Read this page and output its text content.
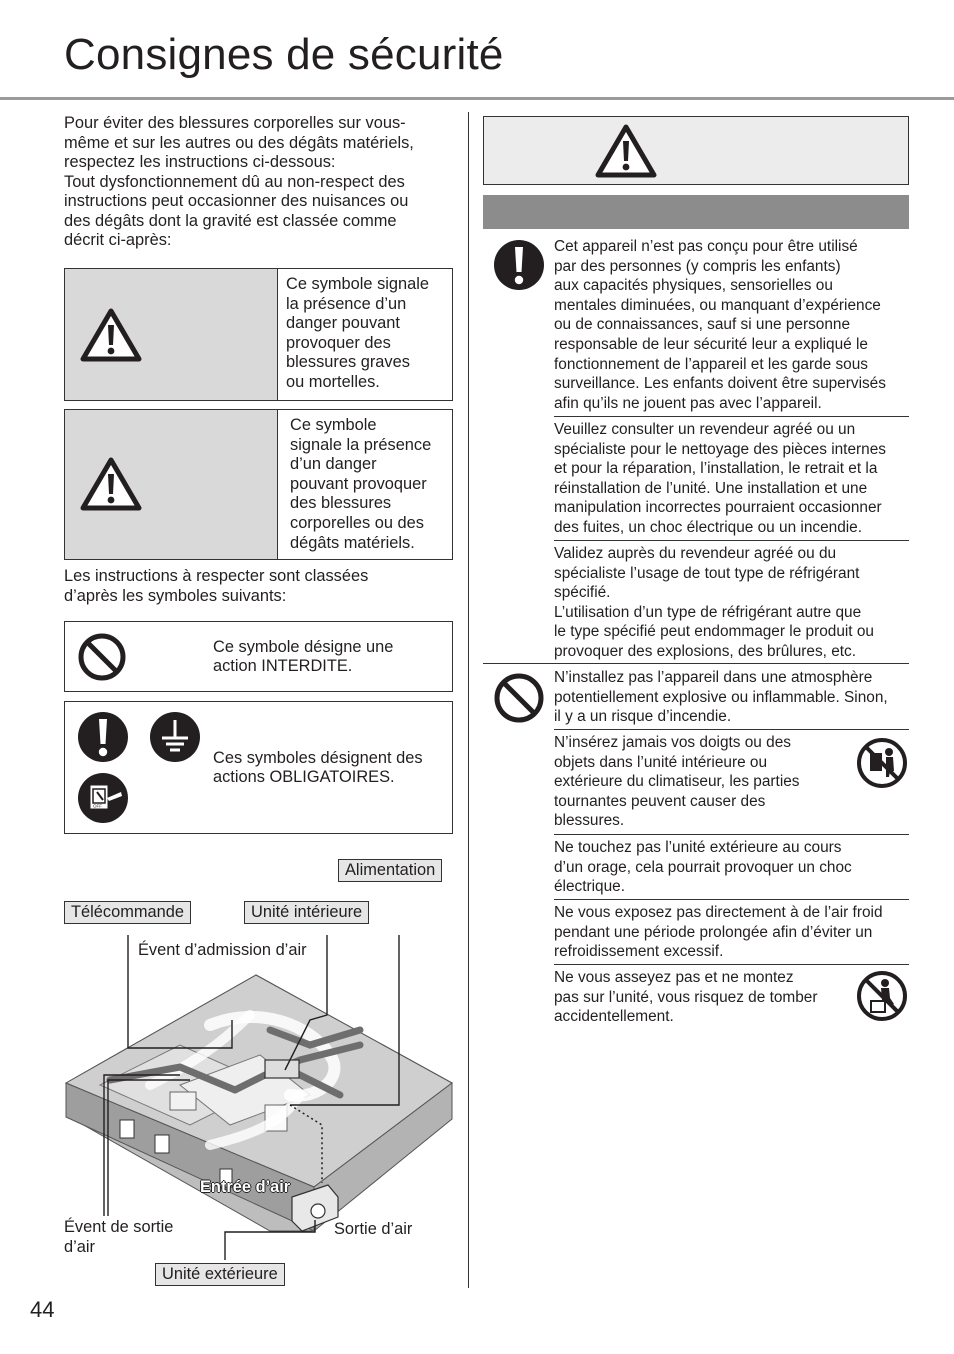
Consignes de sécurité

Pour éviter des blessures corporelles sur vous-

même et sur les autres ou des dégâts matériels,

respectez les instructions ci-dessous:

Tout dysfonctionnement dû au non-respect des

instructions peut occasionner des nuisances ou

des dégâts dont la gravité est classée comme

décrit ci-après:

Ce symbole signale

la présence d’un

danger pouvant

provoquer des

blessures graves

ou mortelles.

Ce symbole

signale la présence

d’un danger

pouvant provoquer

des blessures

corporelles ou des

dégâts matériels.

Les instructions à respecter sont classées

d’après les symboles suivants:

Ce symbole désigne une

action INTERDITE.

OFF

Ces symboles désignent des

actions OBLIGATOIRES.

Alimentation
Télécommande	Unité intérieure
Évent d’admission d’air
Entrée d’air
Évent de sortie
d’air
Sortie d’air
Unité extérieure

Cet appareil n’est pas conçu pour être utilisé

par des personnes (y compris les enfants)

aux capacités physiques, sensorielles ou

mentales diminuées, ou manquant d’expérience

ou de connaissances, sauf si une personne

responsable de leur sécurité leur a expliqué le

fonctionnement de l’appareil et les garde sous

surveillance. Les enfants doivent être supervisés

afin qu’ils ne jouent pas avec l’appareil.

Veuillez consulter un revendeur agréé ou un

spécialiste pour le nettoyage des pièces internes

et pour la réparation, l’installation, le retrait et la

réinstallation de l’unité. Une installation et une

manipulation incorrectes pourraient occasionner

des fuites, un choc électrique ou un incendie.

Validez auprès du revendeur agréé ou du

spécialiste l’usage de tout type de réfrigérant

spécifié.

L’utilisation d’un type de réfrigérant autre que

le type spécifié peut endommager le produit ou

provoquer des explosions, des brûlures, etc.

N’installez pas l’appareil dans une atmosphère

potentiellement explosive ou inflammable. Sinon,

il y a un risque d’incendie.

N’insérez jamais vos doigts ou des

objets dans l’unité intérieure ou

extérieure du climatiseur, les parties

tournantes peuvent causer des

blessures.

Ne touchez pas l’unité extérieure au cours

d’un orage, cela pourrait provoquer un choc

électrique.

Ne vous exposez pas directement à de l’air froid

pendant une période prolongée afin d’éviter un

refroidissement excessif.

Ne vous asseyez pas et ne montez

pas sur l’unité, vous risquez de tomber

accidentellement.

44
